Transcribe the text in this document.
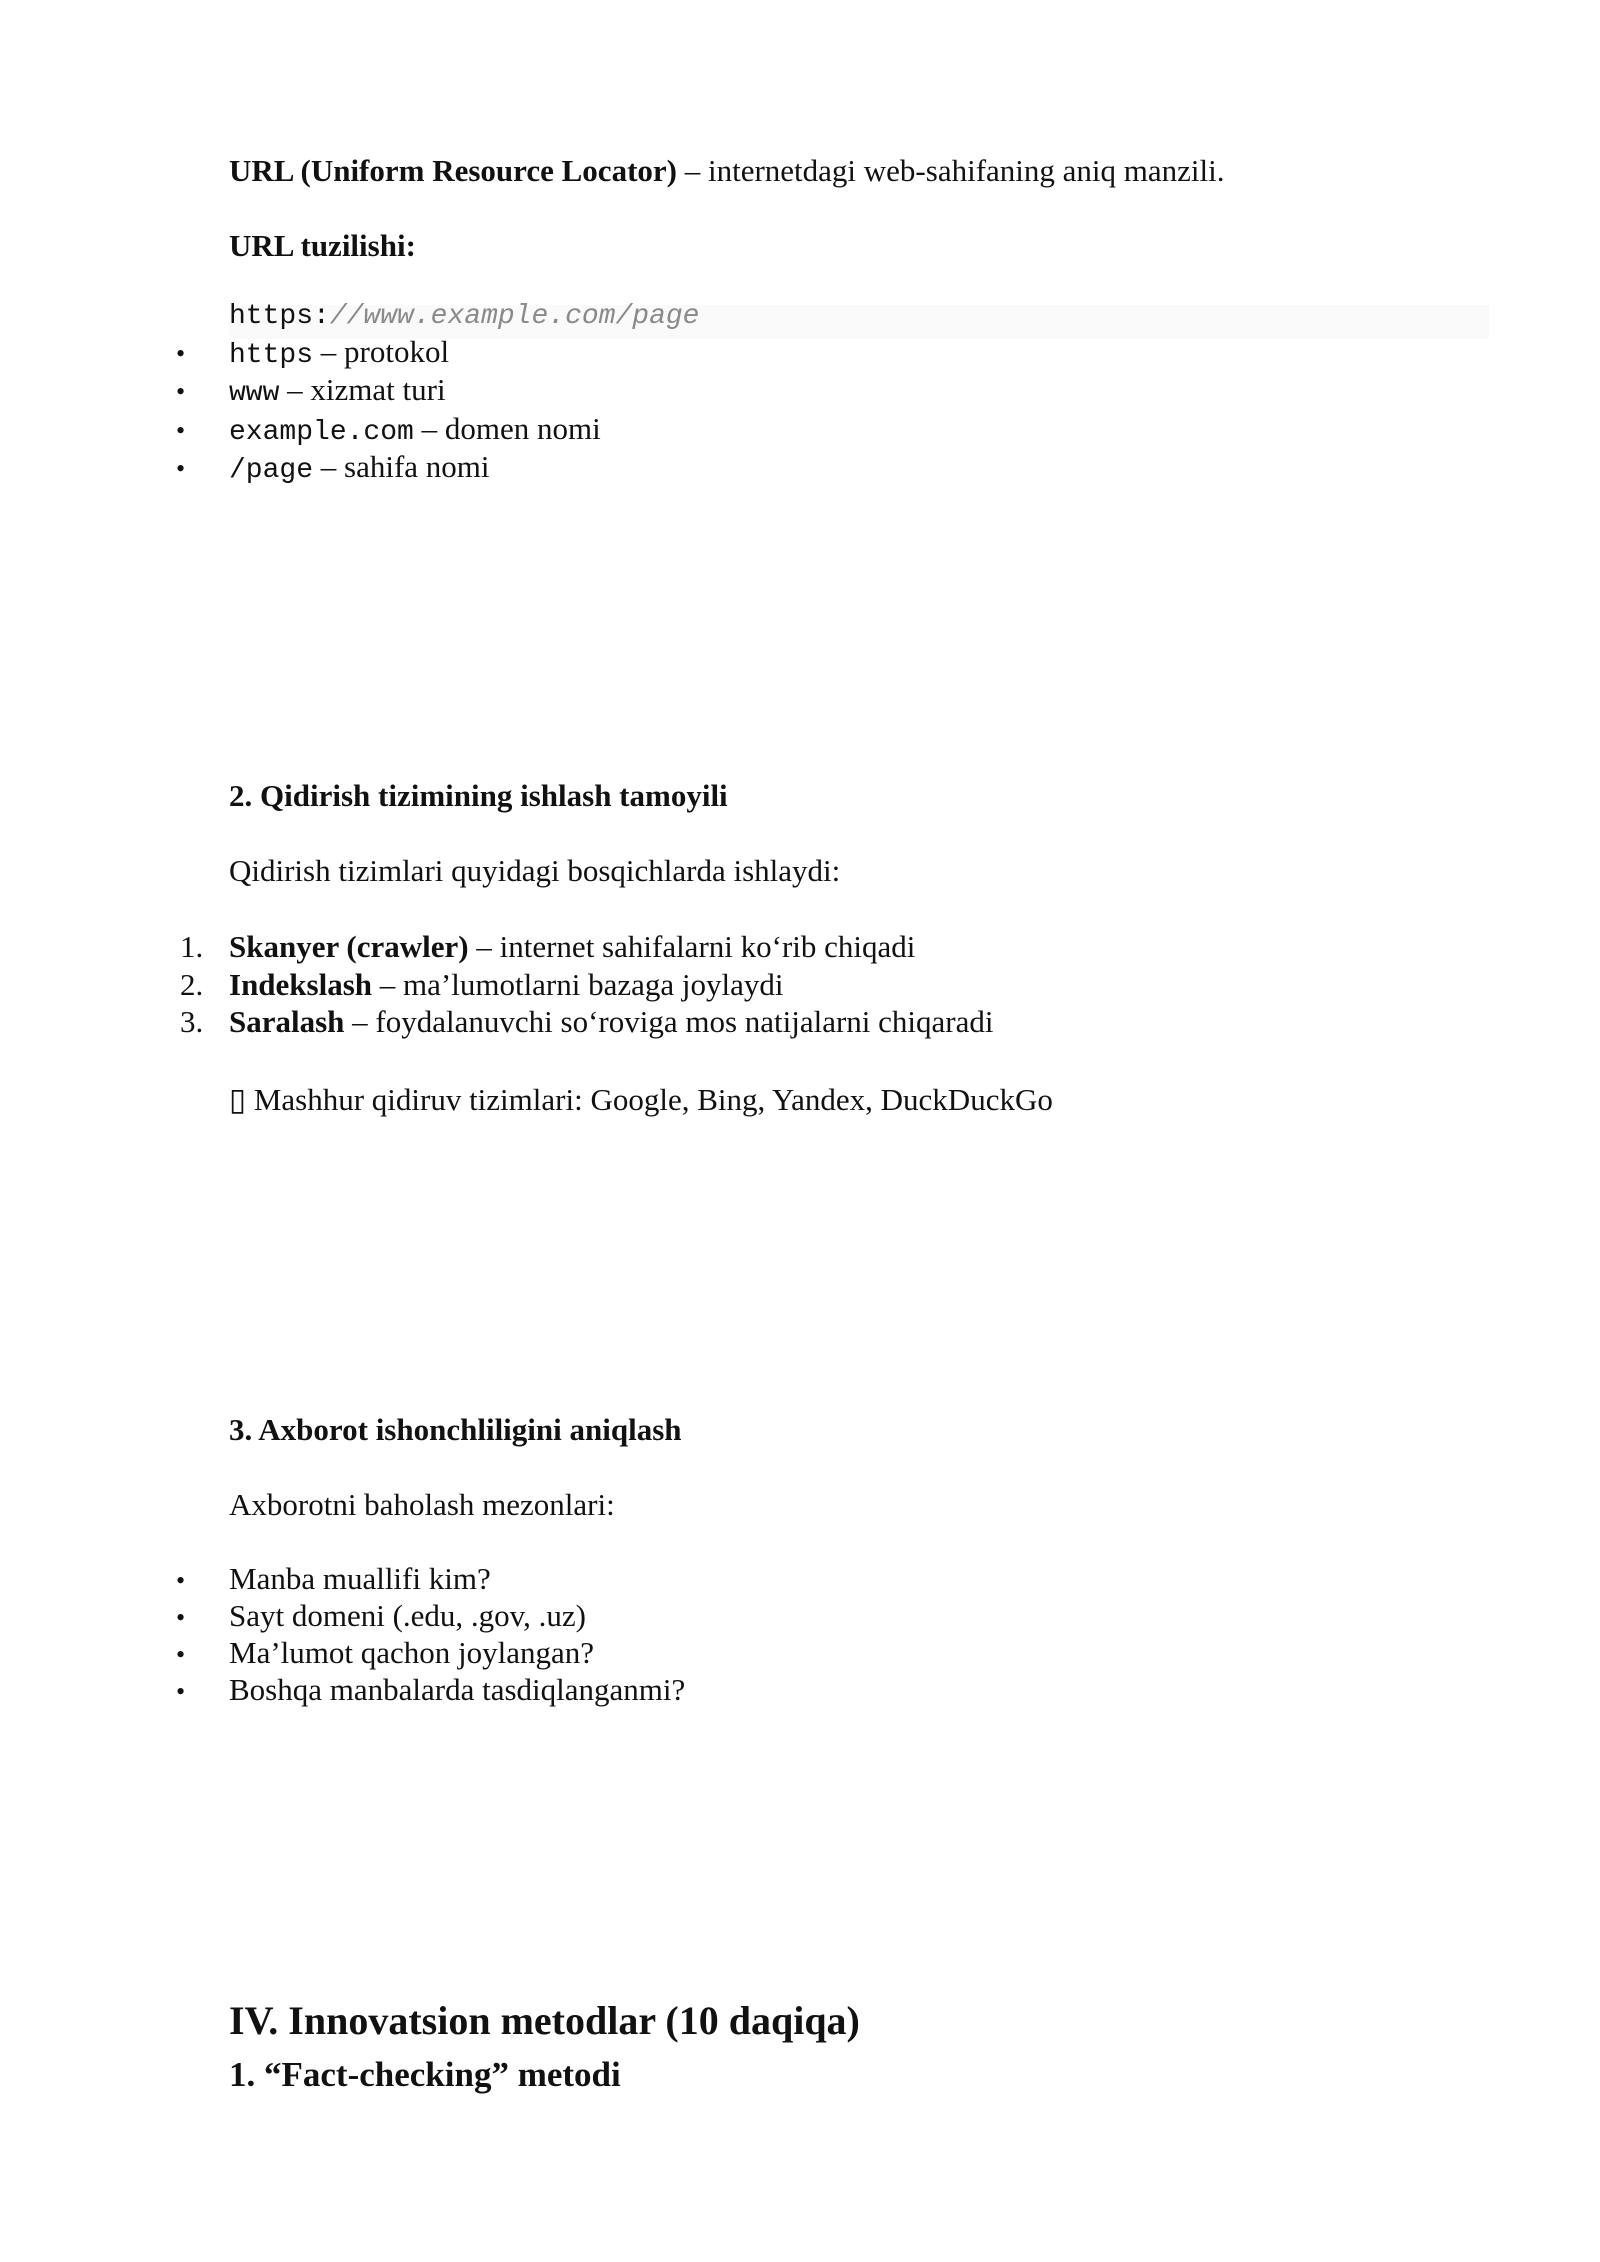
URL (Uniform Resource Locator) – internetdagi web-sahifaning aniq manzili.
URL tuzilishi:
https://www.example.com/page
• https – protokol
• www – xizmat turi
• example.com – domen nomi
• /page – sahifa nomi
2. Qidirish tizimining ishlash tamoyili
Qidirish tizimlari quyidagi bosqichlarda ishlaydi:
1. Skanyer (crawler) – internet sahifalarni ko‘rib chiqadi
2. Indekslash – ma’lumotlarni bazaga joylaydi
3. Saralash – foydalanuvchi so‘roviga mos natijalarni chiqaradi
▯ Mashhur qidiruv tizimlari: Google, Bing, Yandex, DuckDuckGo
3. Axborot ishonchliligini aniqlash
Axborotni baholash mezonlari:
• Manba muallifi kim?
• Sayt domeni (.edu, .gov, .uz)
• Ma’lumot qachon joylangan?
• Boshqa manbalarda tasdiqlanganmi?
IV. Innovatsion metodlar (10 daqiqa)
1. “Fact-checking” metodi
